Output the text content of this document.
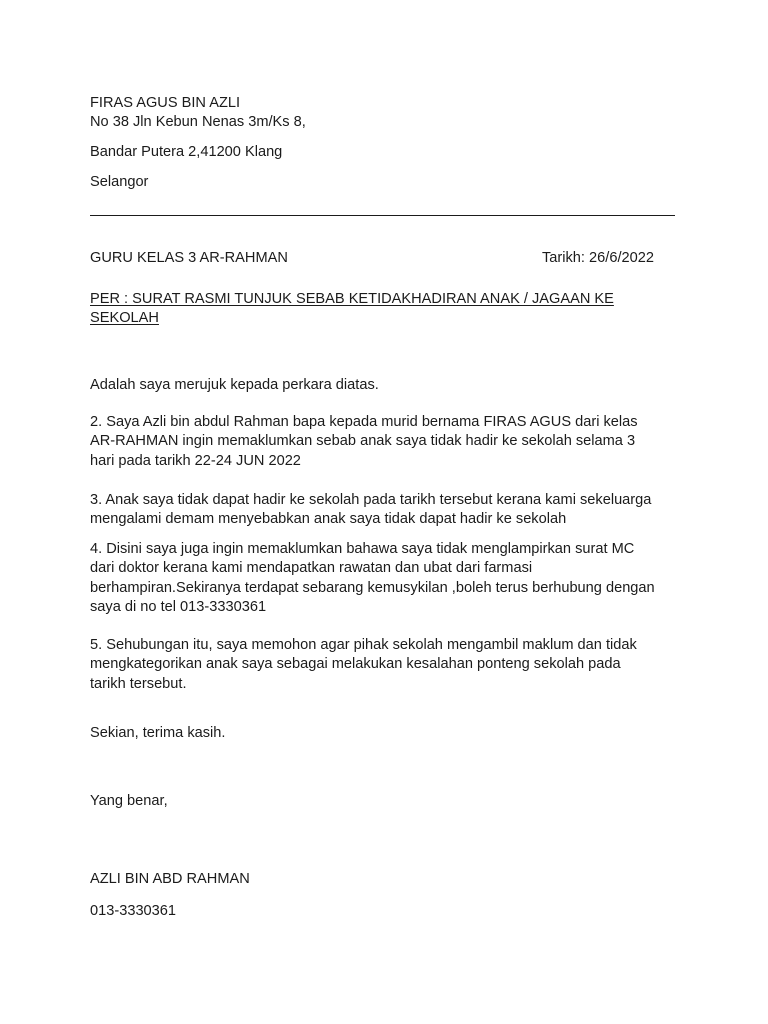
FIRAS AGUS BIN AZLI
No 38 Jln Kebun Nenas 3m/Ks 8,
Bandar Putera 2,41200 Klang
Selangor
GURU KELAS 3 AR-RAHMAN	Tarikh: 26/6/2022
PER : SURAT RASMI TUNJUK SEBAB KETIDAKHADIRAN ANAK / JAGAAN KE
SEKOLAH
Adalah saya merujuk kepada perkara diatas.
2. Saya Azli bin abdul Rahman bapa kepada murid bernama FIRAS AGUS dari kelas
AR-RAHMAN ingin memaklumkan sebab anak saya tidak hadir ke sekolah selama 3
hari pada tarikh 22-24 JUN 2022
3. Anak saya tidak dapat hadir ke sekolah pada tarikh tersebut kerana kami sekeluarga
mengalami demam menyebabkan anak saya tidak dapat hadir ke sekolah
4. Disini saya juga ingin memaklumkan bahawa saya tidak menglampirkan surat MC
dari doktor kerana kami mendapatkan rawatan dan ubat dari farmasi
berhampiran.Sekiranya terdapat sebarang kemusykilan ,boleh terus berhubung dengan
saya di no tel 013-3330361
5. Sehubungan itu, saya memohon agar pihak sekolah mengambil maklum dan tidak
mengkategorikan anak saya sebagai melakukan kesalahan ponteng sekolah pada
tarikh tersebut.
Sekian, terima kasih.
Yang benar,
AZLI BIN ABD RAHMAN
013-3330361
